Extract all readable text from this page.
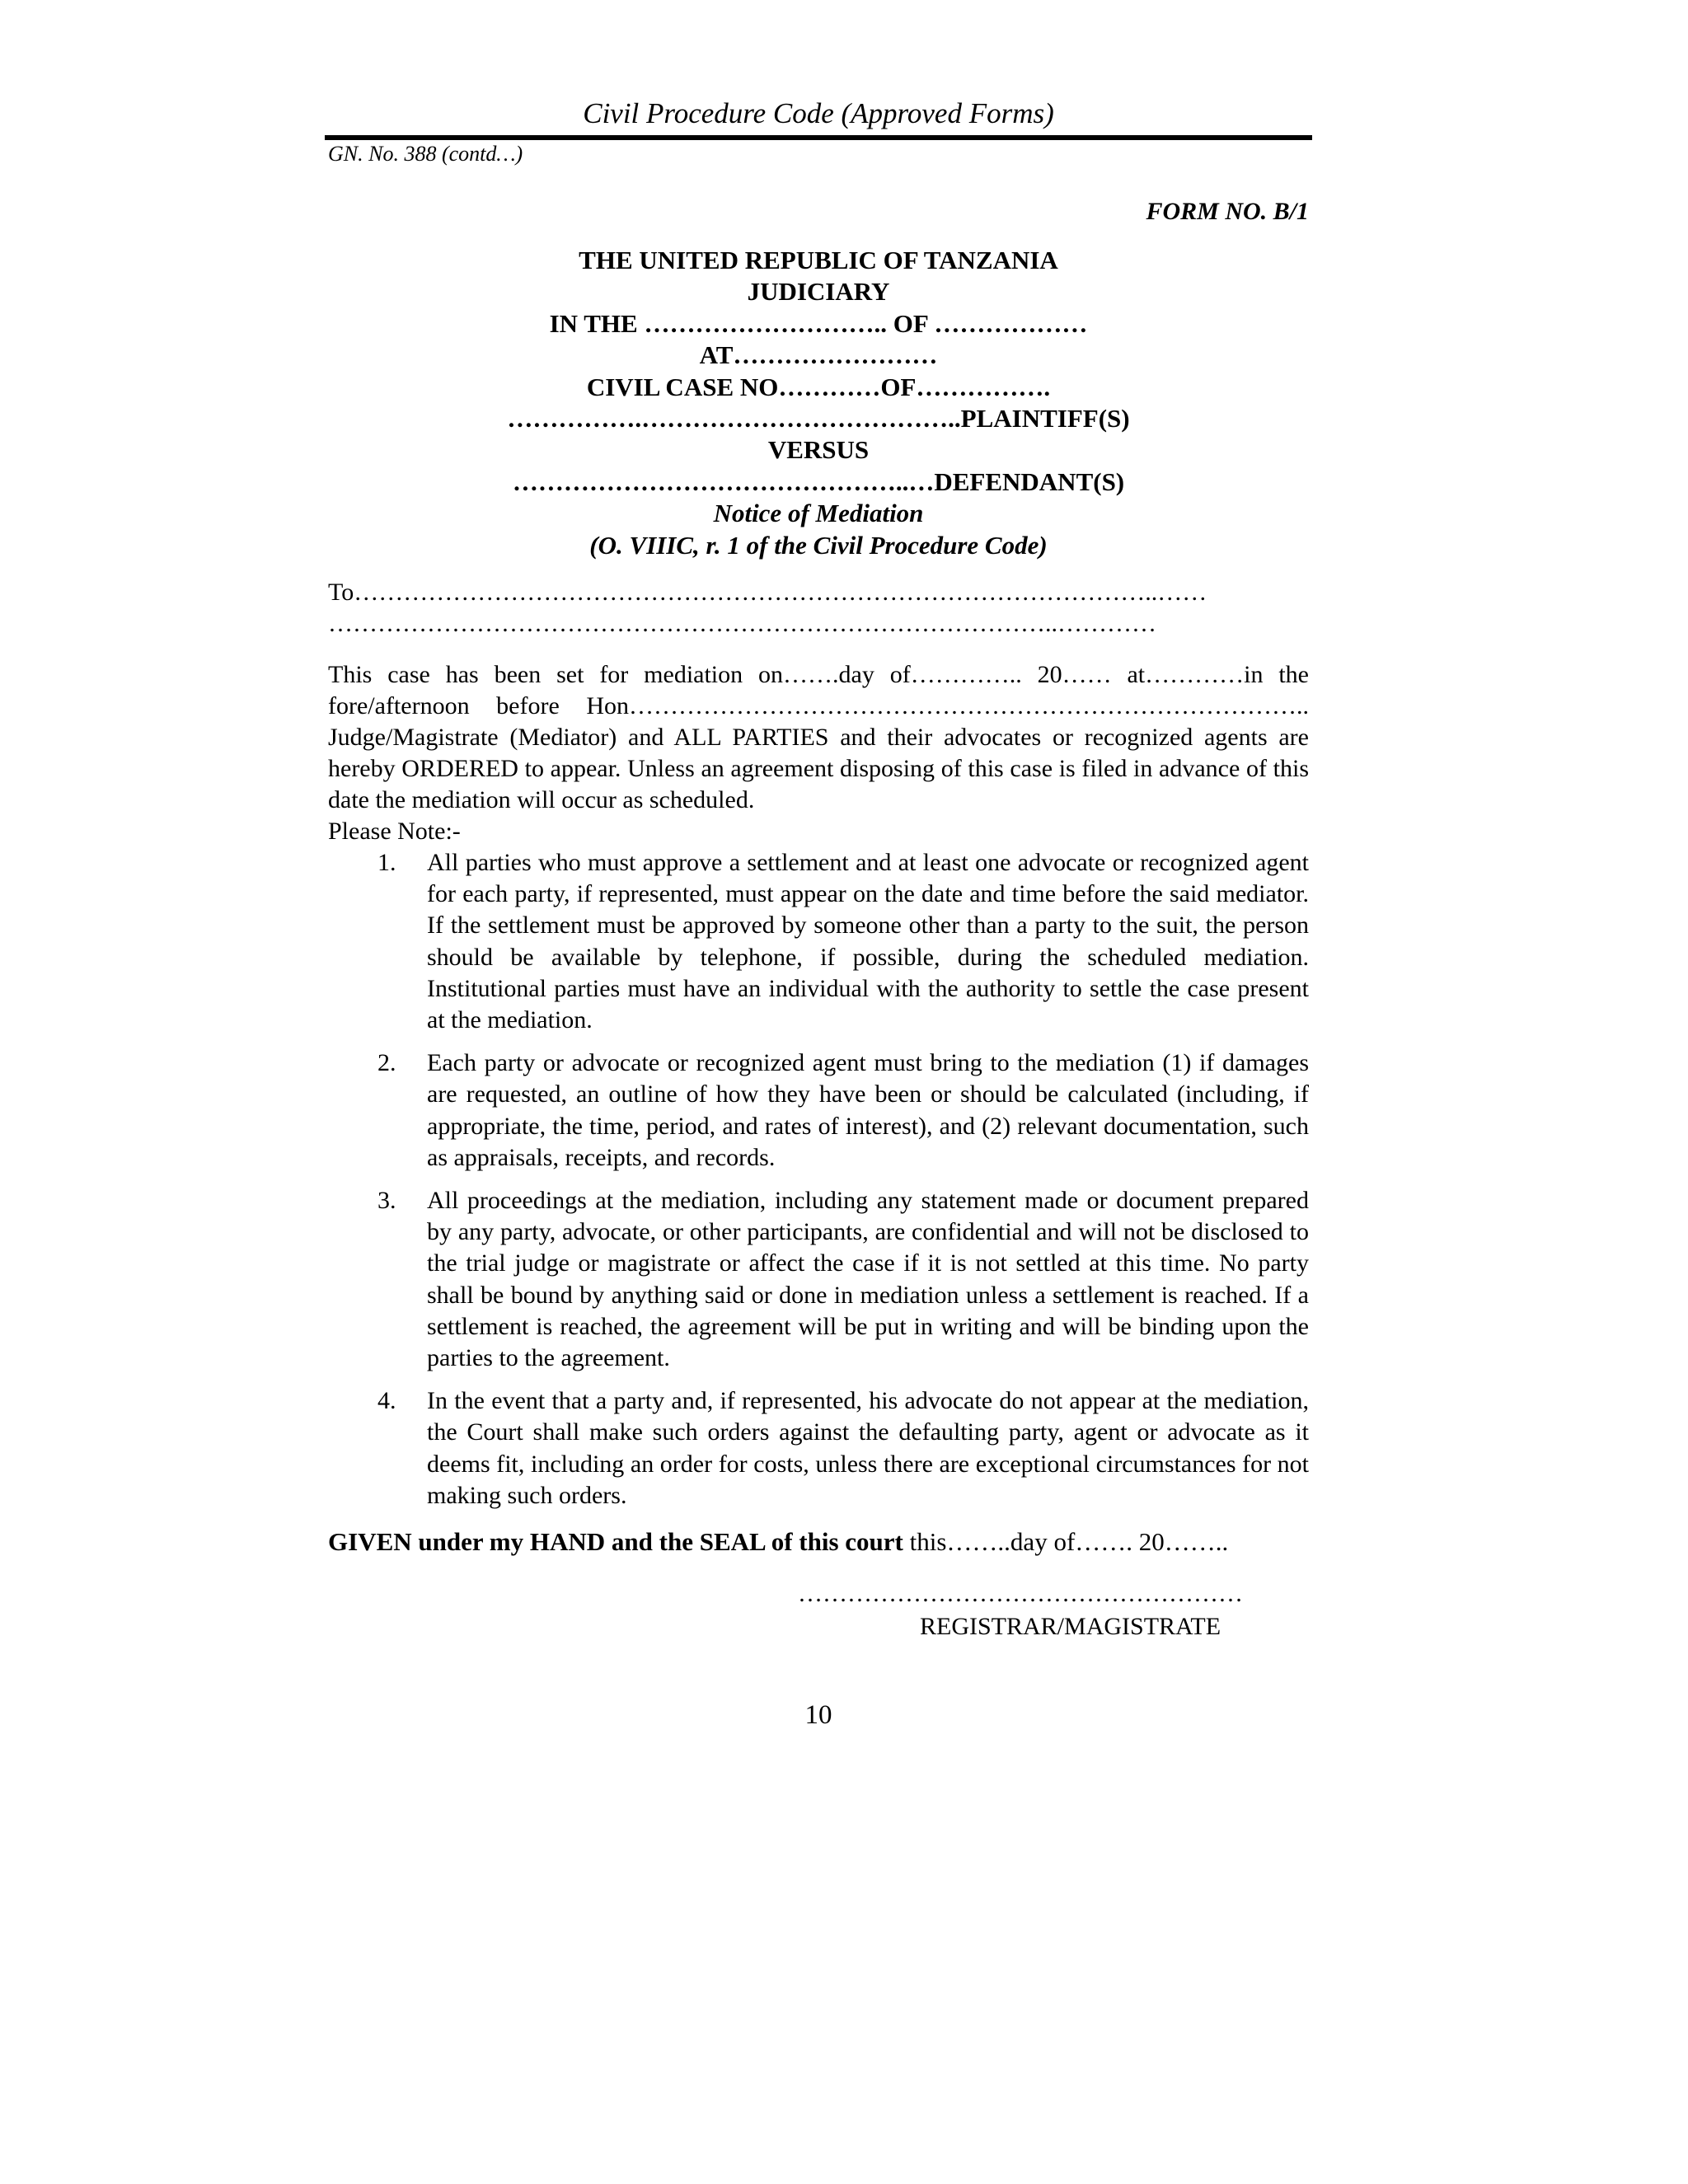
Civil Procedure Code (Approved Forms)
GN. No. 388 (contd…)
FORM NO. B/1
THE UNITED REPUBLIC OF TANZANIA
JUDICIARY
IN THE ……………………….. OF ………………
AT……………………
CIVIL CASE NO…………OF…………….
…………….………………………………..PLAINTIFF(S)
VERSUS
………………………………………..…DEFENDANT(S)
Notice of Mediation
(O. VIIIC, r. 1 of the Civil Procedure Code)
To……………………………………………………………………………………..……
……………………………………………………………………………..…………
This case has been set for mediation on…….day of………….. 20…… at…………in the fore/afternoon before Hon……………………………………………………………………….. Judge/Magistrate (Mediator) and ALL PARTIES and their advocates or recognized agents are hereby ORDERED to appear. Unless an agreement disposing of this case is filed in advance of this date the mediation will occur as scheduled.
Please Note:-
1. All parties who must approve a settlement and at least one advocate or recognized agent for each party, if represented, must appear on the date and time before the said mediator. If the settlement must be approved by someone other than a party to the suit, the person should be available by telephone, if possible, during the scheduled mediation. Institutional parties must have an individual with the authority to settle the case present at the mediation.
2. Each party or advocate or recognized agent must bring to the mediation (1) if damages are requested, an outline of how they have been or should be calculated (including, if appropriate, the time, period, and rates of interest), and (2) relevant documentation, such as appraisals, receipts, and records.
3. All proceedings at the mediation, including any statement made or document prepared by any party, advocate, or other participants, are confidential and will not be disclosed to the trial judge or magistrate or affect the case if it is not settled at this time. No party shall be bound by anything said or done in mediation unless a settlement is reached. If a settlement is reached, the agreement will be put in writing and will be binding upon the parties to the agreement.
4. In the event that a party and, if represented, his advocate do not appear at the mediation, the Court shall make such orders against the defaulting party, agent or advocate as it deems fit, including an order for costs, unless there are exceptional circumstances for not making such orders.
GIVEN under my HAND and the SEAL of this court this……..day of……. 20……..
………………………………………………
REGISTRAR/MAGISTRATE
10
